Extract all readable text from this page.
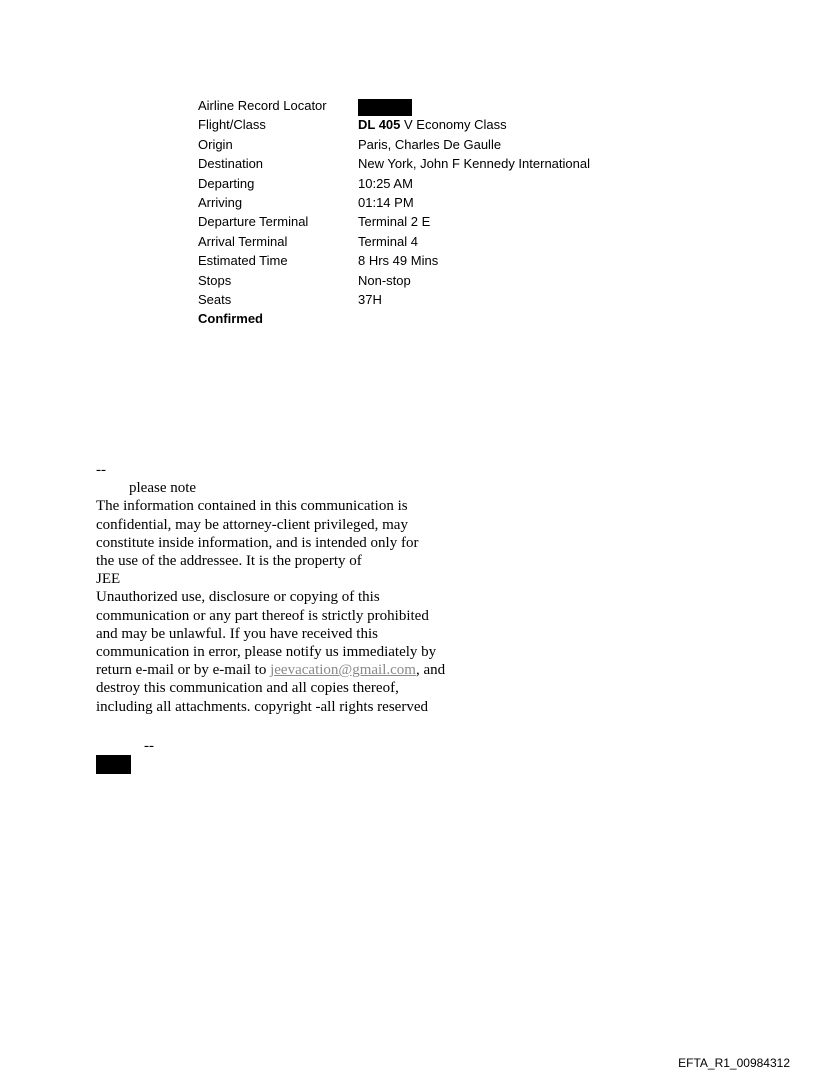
Airline Record Locator
Flight/Class	DL 405 V Economy Class
Origin	Paris, Charles De Gaulle
Destination	New York, John F Kennedy International
Departing	10:25 AM
Arriving	01:14 PM
Departure Terminal	Terminal 2 E
Arrival Terminal	Terminal 4
Estimated Time	8 Hrs 49 Mins
Stops	Non-stop
Seats	37H
Confirmed
--
please note
The information contained in this communication is
confidential, may be attorney-client privileged, may
constitute inside information, and is intended only for
the use of the addressee. It is the property of
JEE
Unauthorized use, disclosure or copying of this
communication or any part thereof is strictly prohibited
and may be unlawful. If you have received this
communication in error, please notify us immediately by
return e-mail or by e-mail to jeevacation@gmail.com, and
destroy this communication and all copies thereof,
including all attachments. copyright -all rights reserved
--
EFTA_R1_00984312
